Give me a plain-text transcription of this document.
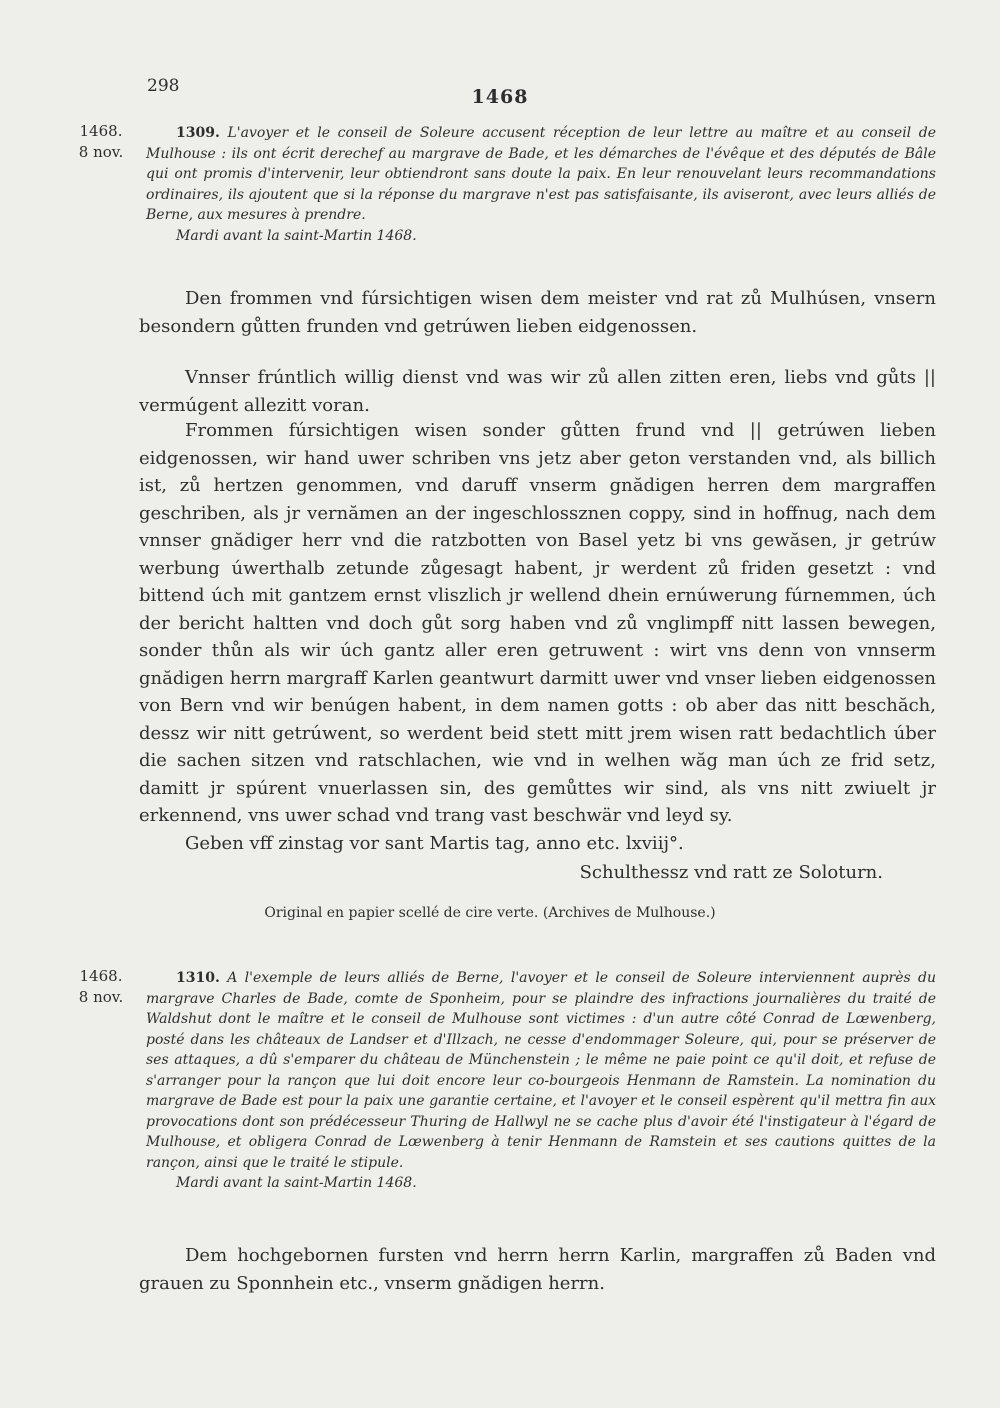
298	1468
1468.
8 nov.

1309. L'avoyer et le conseil de Soleure accusent réception de leur lettre au maître et au conseil de Mulhouse : ils ont écrit derechef au margrave de Bade, et les démarches de l'évêque et des députés de Bâle qui ont promis d'intervenir, leur obtiendront sans doute la paix. En leur renouvelant leurs recommandations ordinaires, ils ajoutent que si la réponse du margrave n'est pas satisfaisante, ils aviseront, avec leurs alliés de Berne, aux mesures à prendre.
Mardi avant la saint-Martin 1468.

Den frommen vnd fúrsichtigen wisen dem meister vnd rat zů Mulhúsen, vnsern besondern gůtten frunden vnd getrúwen lieben eidgenossen.

Vnnser frúntlich willig dienst vnd was wir zů allen zitten eren, liebs vnd gůts || vermúgent allezitt voran.

Frommen fúrsichtigen wisen sonder gůtten frund vnd || getrúwen lieben eidgenossen, wir hand uwer schriben vns jetz aber geton verstanden vnd, als billich ist, zů hertzen genommen, vnd daruff vnserm gnădigen herren dem margraffen geschriben, als jr vernămen an der ingeschlossznen coppy, sind in hoffnug, nach dem vnnser gnădiger herr vnd die ratzbotten von Basel yetz bi vns gewăsen, jr getrúw werbung úwerthalb zetunde zůgesagt habent, jr werdent zů friden gesetzt : vnd bittend úch mit gantzem ernst vliszlich jr wellend dhein ernúwerung fúrnemmen, úch der bericht haltten vnd doch gůt sorg haben vnd zů vnglimpff nitt lassen bewegen, sonder thůn als wir úch gantz aller eren getruwent : wirt vns denn von vnnserm gnădigen herrn margraff Karlen geantwurt darmitt uwer vnd vnser lieben eidgenossen von Bern vnd wir benúgen habent, in dem namen gotts : ob aber das nitt beschăch, dessz wir nitt getrúwent, so werdent beid stett mitt jrem wisen ratt bedachtlich úber die sachen sitzen vnd ratschlachen, wie vnd in welhen wăg man úch ze frid setz, damitt jr spúrent vnuerlassen sin, des gemůttes wir sind, als vns nitt zwiuelt jr erkennend, vns uwer schad vnd trang vast beschwär vnd leyd sy.

Geben vff zinstag vor sant Martis tag, anno etc. lxviij°.

Schulthessz vnd ratt ze Soloturn.
Original en papier scellé de cire verte. (Archives de Mulhouse.)
1468.
8 nov.

1310. A l'exemple de leurs alliés de Berne, l'avoyer et le conseil de Soleure interviennent auprès du margrave Charles de Bade, comte de Sponheim, pour se plaindre des infractions journalières du traité de Waldshut dont le maître et le conseil de Mulhouse sont victimes : d'un autre côté Conrad de Lœwenberg, posté dans les châteaux de Landser et d'Illzach, ne cesse d'endommager Soleure, qui, pour se préserver de ses attaques, a dû s'emparer du château de Münchenstein ; le même ne paie point ce qu'il doit, et refuse de s'arranger pour la rançon que lui doit encore leur co-bourgeois Henmann de Ramstein. La nomination du margrave de Bade est pour la paix une garantie certaine, et l'avoyer et le conseil espèrent qu'il mettra fin aux provocations dont son prédécesseur Thuring de Hallwyl ne se cache plus d'avoir été l'instigateur à l'égard de Mulhouse, et obligera Conrad de Lœwenberg à tenir Henmann de Ramstein et ses cautions quittes de la rançon, ainsi que le traité le stipule.
Mardi avant la saint-Martin 1468.

Dem hochgebornen fursten vnd herrn herrn Karlin, margraffen zů Baden vnd grauen zu Sponnhein etc., vnserm gnădigen herrn.
